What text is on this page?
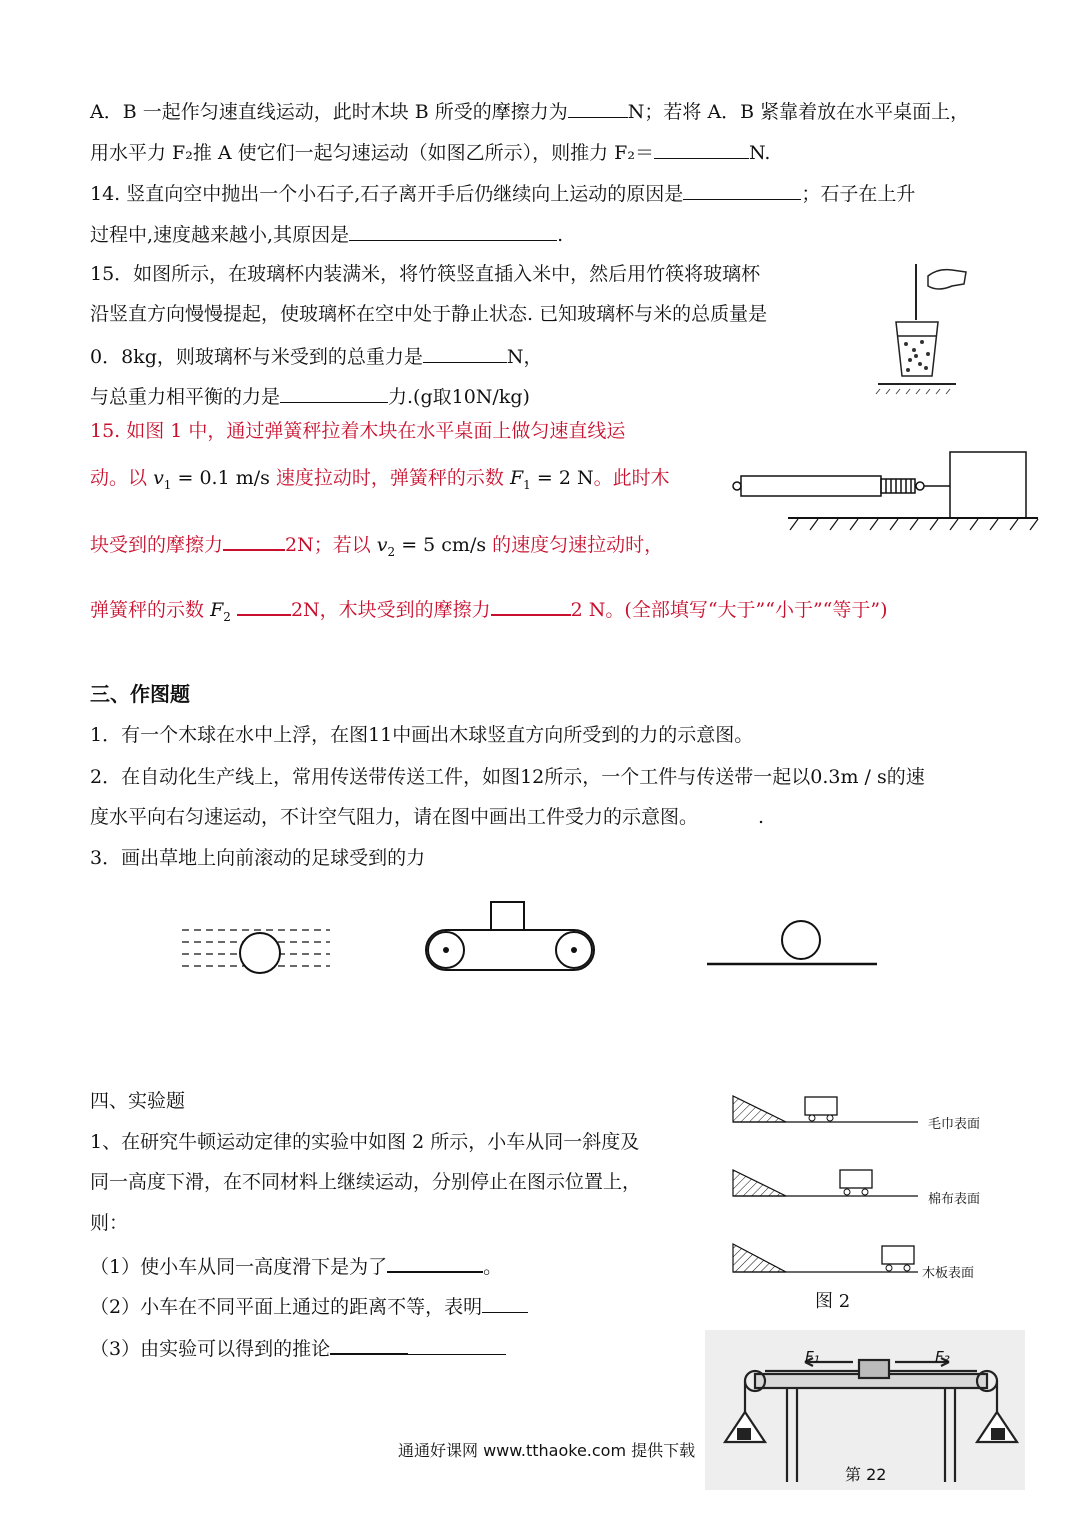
A．B 一起作匀速直线运动，此时木块 B 所受的摩擦力为	N；若将 A．B 紧靠着放在水平桌面上，
用水平力 F₂推 A 使它们一起匀速运动（如图乙所示），则推力 F₂＝	N.
14. 竖直向空中抛出一个小石子,石子离开手后仍继续向上运动的原因是	；石子在上升
过程中,速度越来越小,其原因是	.
15．如图所示，在玻璃杯内装满米，将竹筷竖直插入米中，然后用竹筷将玻璃杯
沿竖直方向慢慢提起，使玻璃杯在空中处于静止状态. 已知玻璃杯与米的总质量是
0．8kg，则玻璃杯与米受到的总重力是	N，
与总重力相平衡的力是	力.(g取10N/kg)
15. 如图 1 中，通过弹簧秤拉着木块在水平桌面上做匀速直线运
动。以 $v_1 = 0.1$ m/s 速度拉动时，弹簧秤的示数 $F_1 = 2$ N。此时木
块受到的摩擦力	2N；若以 $v_2 = 5$ cm/s 的速度匀速拉动时，
弹簧秤的示数 $F_2$	2N，木块受到的摩擦力	2 N。(全部填写“大于”“小于”“等于”)
三、作图题
1．有一个木球在水中上浮，在图11中画出木球竖直方向所受到的力的示意图。
2．在自动化生产线上，常用传送带传送工件，如图12所示，一个工件与传送带一起以0.3m / s的速
度水平向右匀速运动，不计空气阻力，请在图中画出工件受力的示意图。	.
3．画出草地上向前滚动的足球受到的力
四、实验题
1、在研究牛顿运动定律的实验中如图 2 所示，小车从同一斜度及
同一高度下滑，在不同材料上继续运动，分别停止在图示位置上，
则：
（1）使小车从同一高度滑下是为了	。
（2）小车在不同平面上通过的距离不等，表明
（3）由实验可以得到的推论
毛巾表面
棉布表面
木板表面
图 2
F₁	F₂
通通好课网 www.tthaoke.com 提供下载
第 22
